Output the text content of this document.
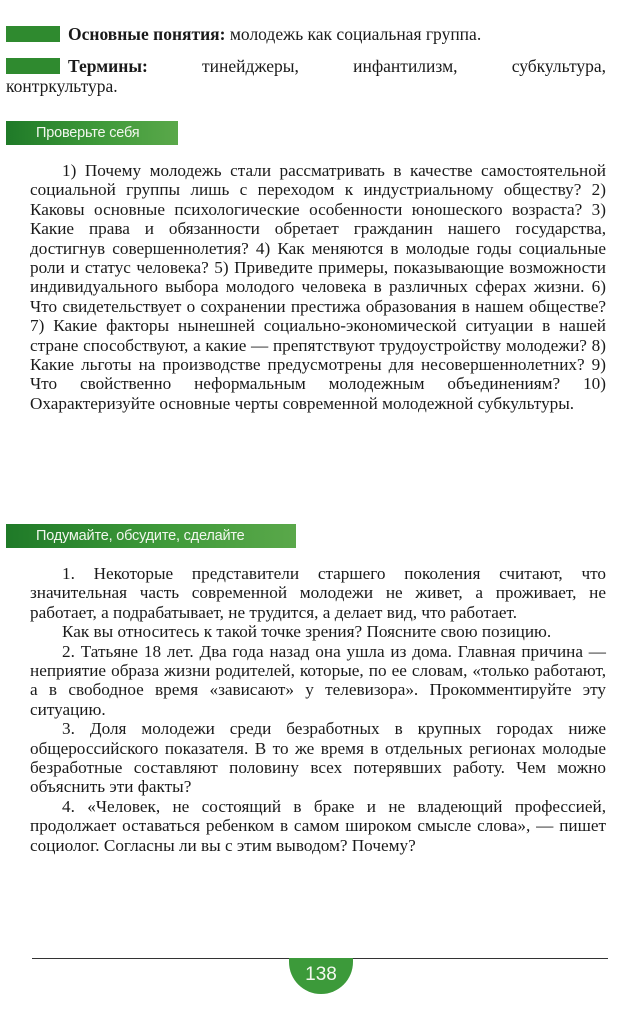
Основные понятия: молодежь как социальная группа.
Термины:	тинейджеры, инфантилизм, субкультура,
контркультура.
Проверьте себя

1) Почему молодежь стали рассматривать в качестве самостоятельной социальной группы лишь с переходом к индустриальному обществу? 2) Каковы основные психологические особенности юношеского возраста? 3) Какие права и обязанности обретает гражданин нашего государства, достигнув совершеннолетия? 4) Как меняются в молодые годы социальные роли и статус человека? 5) Приведите примеры, показывающие возможности индивидуального выбора молодого человека в различных сферах жизни. 6) Что свидетельствует о сохранении престижа образования в нашем обществе? 7) Какие факторы нынешней социально-экономической ситуации в нашей стране способствуют, а какие — препятствуют трудоустройству молодежи? 8) Какие льготы на производстве предусмотрены для несовершеннолетних? 9) Что свойственно неформальным молодежным объединениям? 10) Охарактеризуйте основные черты современной молодежной субкультуры.

Подумайте, обсудите, сделайте

1. Некоторые представители старшего поколения считают, что значительная часть современной молодежи не живет, а проживает, не работает, а подрабатывает, не трудится, а делает вид, что работает.

Как вы относитесь к такой точке зрения? Поясните свою позицию.

2. Татьяне 18 лет. Два года назад она ушла из дома. Главная причина — неприятие образа жизни родителей, которые, по ее словам, «только работают, а в свободное время «зависают» у телевизора». Прокомментируйте эту ситуацию.

3. Доля молодежи среди безработных в крупных городах ниже общероссийского показателя. В то же время в отдельных регионах молодые безработные составляют половину всех потерявших работу. Чем можно объяснить эти факты?

4. «Человек, не состоящий в браке и не владеющий профессией, продолжает оставаться ребенком в самом широком смысле слова», — пишет социолог. Согласны ли вы с этим выводом? Почему?

138
